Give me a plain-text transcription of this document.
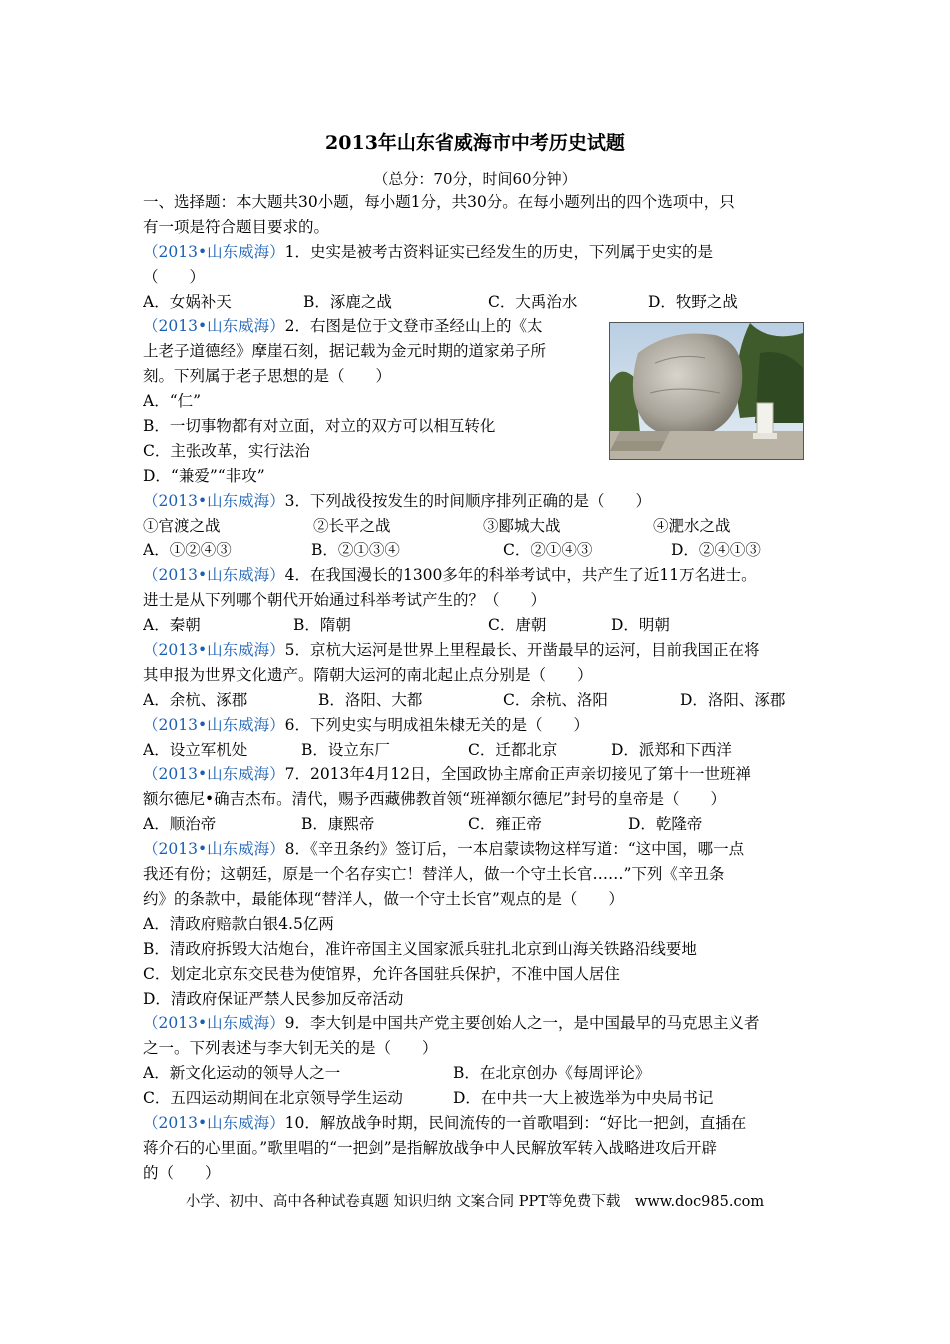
2013年山东省威海市中考历史试题
（总分：70分，时间60分钟）
一、选择题：本大题共30小题，每小题1分，共30分。在每小题列出的四个选项中，只
有一项是符合题目要求的。
（2013•山东威海）1．史实是被考古资料证实已经发生的历史，下列属于史实的是
（　　）
A．女娲补天	B．涿鹿之战	C．大禹治水	D．牧野之战
（2013•山东威海）2．右图是位于文登市圣经山上的《太
上老子道德经》摩崖石刻，据记载为金元时期的道家弟子所
刻。下列属于老子思想的是（　　）
A．“仁”
B．一切事物都有对立面，对立的双方可以相互转化
C．主张改革，实行法治
D．“兼爱”“非攻”
（2013•山东威海）3．下列战役按发生的时间顺序排列正确的是（　　）
①官渡之战	②长平之战	③郾城大战	④淝水之战
A．①②④③	B．②①③④	C．②①④③	D．②④①③
（2013•山东威海）4．在我国漫长的1300多年的科举考试中，共产生了近11万名进士。
进士是从下列哪个朝代开始通过科举考试产生的？（　　）
A．秦朝	B．隋朝	C．唐朝	D．明朝
（2013•山东威海）5．京杭大运河是世界上里程最长、开凿最早的运河，目前我国正在将
其申报为世界文化遗产。隋朝大运河的南北起止点分别是（　　）
A．余杭、涿郡	B．洛阳、大都	C．余杭、洛阳	D．洛阳、涿郡
（2013•山东威海）6．下列史实与明成祖朱棣无关的是（　　）
A．设立军机处	B．设立东厂	C．迁都北京	D．派郑和下西洋
（2013•山东威海）7．2013年4月12日，全国政协主席俞正声亲切接见了第十一世班禅
额尔德尼•确吉杰布。清代，赐予西藏佛教首领“班禅额尔德尼”封号的皇帝是（　　）
A．顺治帝	B．康熙帝	C．雍正帝	D．乾隆帝
（2013•山东威海）8．《辛丑条约》签订后，一本启蒙读物这样写道：“这中国，哪一点
我还有份；这朝廷，原是一个名存实亡！替洋人，做一个守土长官……”下列《辛丑条
约》的条款中，最能体现“替洋人，做一个守土长官”观点的是（　　）
A．清政府赔款白银4.5亿两
B．清政府拆毁大沽炮台，准许帝国主义国家派兵驻扎北京到山海关铁路沿线要地
C．划定北京东交民巷为使馆界，允许各国驻兵保护，不准中国人居住
D．清政府保证严禁人民参加反帝活动
（2013•山东威海）9．李大钊是中国共产党主要创始人之一，是中国最早的马克思主义者
之一。下列表述与李大钊无关的是（　　）
A．新文化运动的领导人之一	B．在北京创办《每周评论》
C．五四运动期间在北京领导学生运动	D．在中共一大上被选举为中央局书记
（2013•山东威海）10．解放战争时期，民间流传的一首歌唱到：“好比一把剑，直插在
蒋介石的心里面。”歌里唱的“一把剑”是指解放战争中人民解放军转入战略进攻后开辟
的（　　）
小学、初中、高中各种试卷真题 知识归纳 文案合同 PPT等免费下载　www.doc985.com
